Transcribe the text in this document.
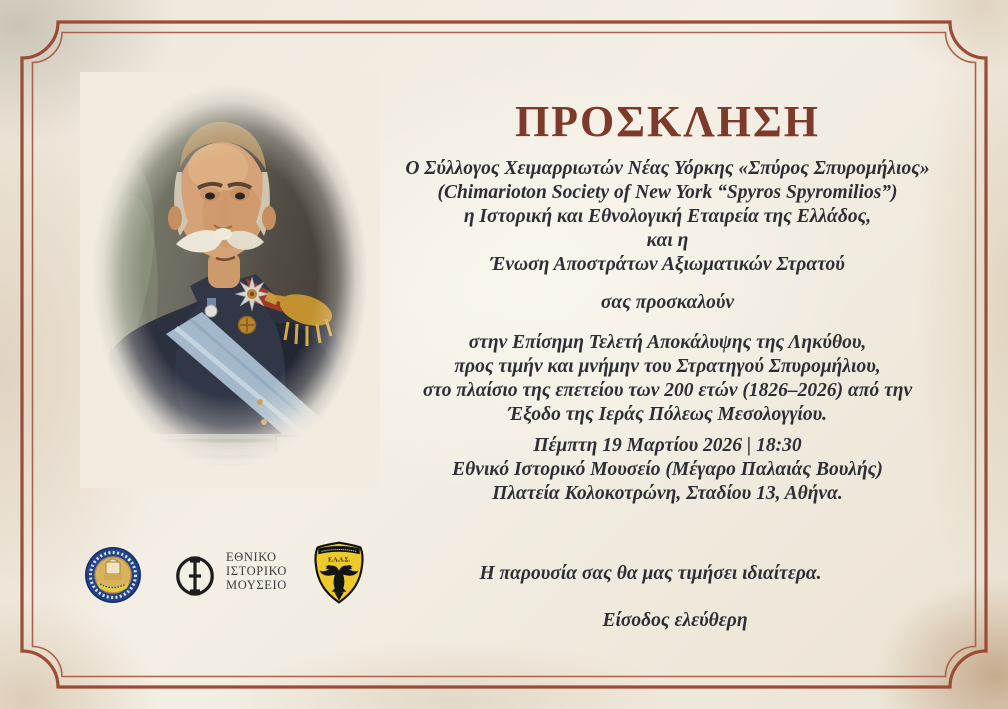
ΠΡΟΣΚΛΗΣΗ
Ο Σύλλογος Χειμαρριωτών Νέας Υόρκης «Σπύρος Σπυρομήλιος»
(Chimarioton Society of New York “Spyros Spyromilios”)
η Ιστορική και Εθνολογική Εταιρεία της Ελλάδος,
και η
Ένωση Αποστράτων Αξιωματικών Στρατού
σας προσκαλούν
στην Επίσημη Τελετή Αποκάλυψης της Ληκύθου,
προς τιμήν και μνήμην του Στρατηγού Σπυρομήλιου,
στο πλαίσιο της επετείου των 200 ετών (1826–2026) από την
Έξοδο της Ιεράς Πόλεως Μεσολογγίου.
Πέμπτη 19 Μαρτίου 2026 | 18:30
Εθνικό Ιστορικό Μουσείο (Μέγαρο Παλαιάς Βουλής)
Πλατεία Κολοκοτρώνη, Σταδίου 13, Αθήνα.
Η παρουσία σας θα μας τιμήσει ιδιαίτερα.
Είσοδος ελεύθερη
ΕΘΝΙΚΟ
ΙΣΤΟΡΙΚΟ
ΜΟΥΣΕΙΟ
Ε.Α.Α.Σ.
